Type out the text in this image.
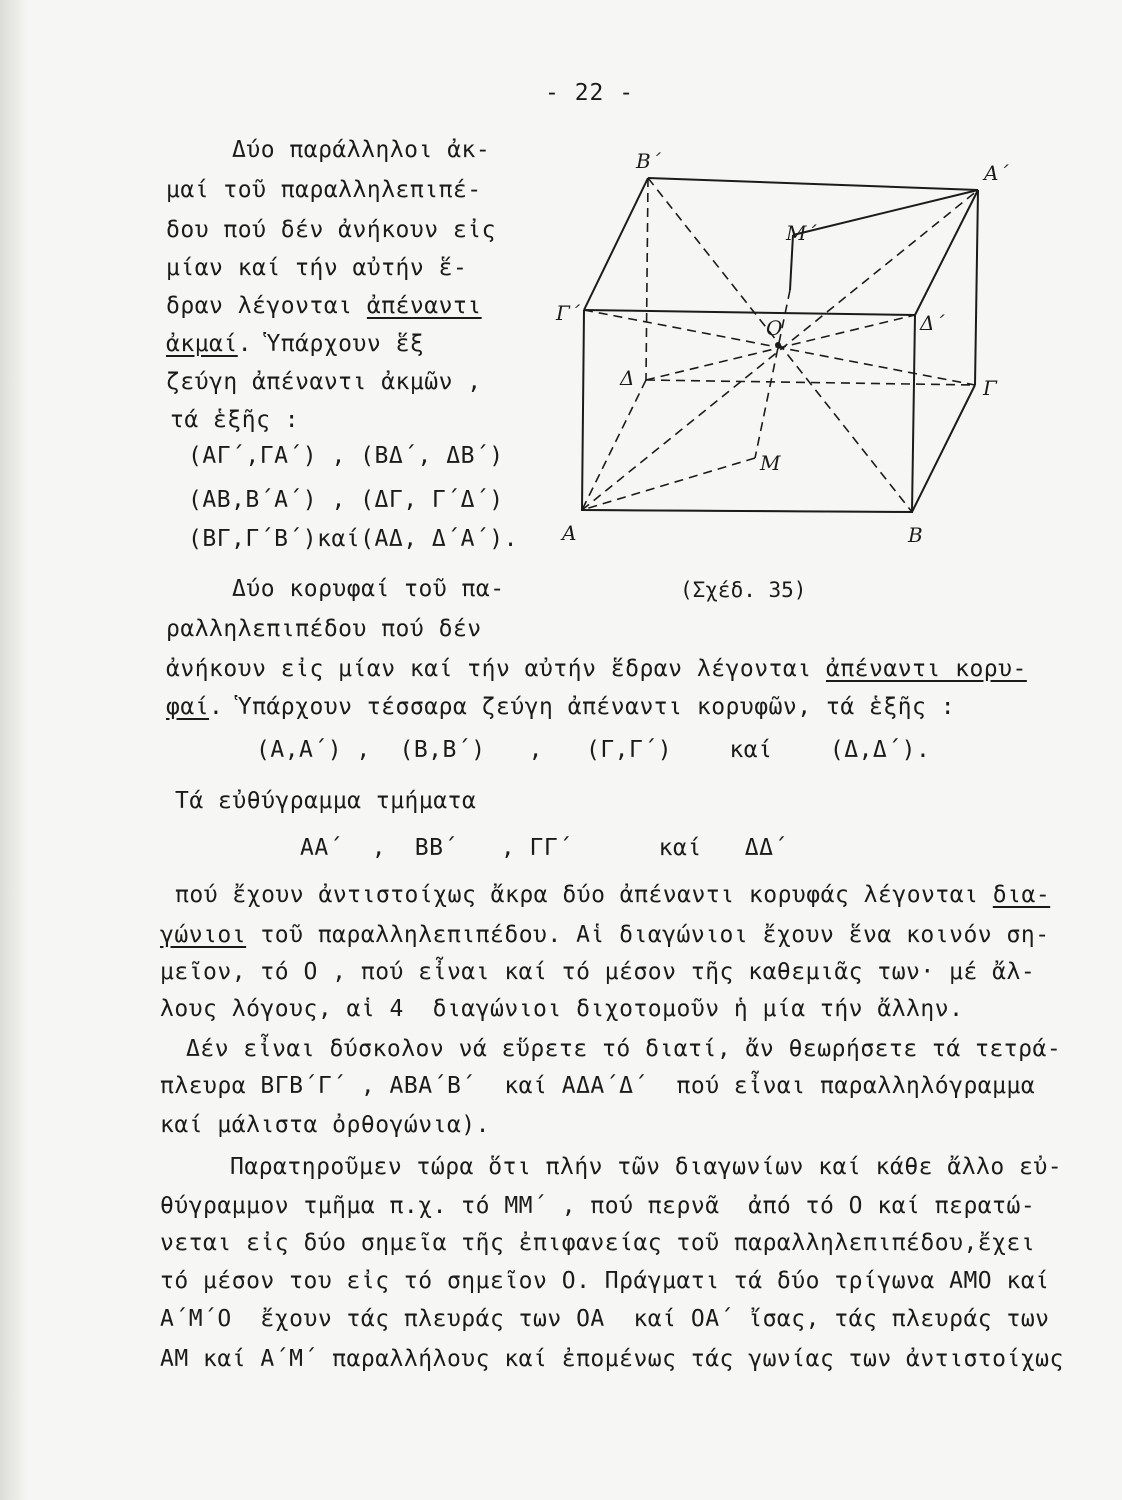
- 22 -
Δύο παράλληλοι ἀκ-
μαί τοῦ παραλληλεπιπέ-
δου πού δέν ἀνήκουν εἰς
μίαν καί τήν αὐτήν ἕ-
δραν λέγονται ἀπέναντι
ἀκμαί. Ὑπάρχουν ἕξ
ζεύγη ἀπέναντι ἀκμῶν ,
τά ἑξῆς :
(ΑΓ΄,ΓΑ΄) , (ΒΔ΄, ΔΒ΄)
(ΑΒ,Β΄Α΄) , (ΔΓ, Γ΄Δ΄)
(ΒΓ,Γ΄Β΄)καί(ΑΔ, Δ΄Α΄).
Δύο κορυφαί τοῦ πα-
ραλληλεπιπέδου πού δέν
Β΄	Α΄
Μ΄
Γ΄
Ο	Δ΄
Δ	Γ
Μ
Α	Β
(Σχέδ. 35)
ἀνήκουν εἰς μίαν καί τήν αὐτήν ἕδραν λέγονται ἀπέναντι κορυ-
φαί. Ὑπάρχουν τέσσαρα ζεύγη ἀπέναντι κορυφῶν, τά ἑξῆς :
(Α,Α΄) ,  (Β,Β΄)   ,   (Γ,Γ΄)    καί    (Δ,Δ΄).
Τά εὐθύγραμμα τμήματα
ΑΑ΄  ,  ΒΒ΄   , ΓΓ΄      καί   ΔΔ΄
πού ἔχουν ἀντιστοίχως ἄκρα δύο ἀπέναντι κορυφάς λέγονται δια-
γώνιοι τοῦ παραλληλεπιπέδου. Αἱ διαγώνιοι ἔχουν ἕνα κοινόν ση-
μεῖον, τό Ο , πού εἶναι καί τό μέσον τῆς καθεμιᾶς των· μέ ἄλ-
λους λόγους, αἱ 4  διαγώνιοι διχοτομοῦν ἡ μία τήν ἄλλην.
Δέν εἶναι δύσκολον νά εὕρετε τό διατί, ἄν θεωρήσετε τά τετρά-
πλευρα ΒΓΒ΄Γ΄ , ΑΒΑ΄Β΄  καί ΑΔΑ΄Δ΄  πού εἶναι παραλληλόγραμμα
καί μάλιστα ὀρθογώνια).
Παρατηροῦμεν τώρα ὅτι πλήν τῶν διαγωνίων καί κάθε ἄλλο εὐ-
θύγραμμον τμῆμα π.χ. τό ΜΜ΄ , πού περνᾶ  ἀπό τό Ο καί περατώ-
νεται εἰς δύο σημεῖα τῆς ἐπιφανείας τοῦ παραλληλεπιπέδου,ἔχει
τό μέσον του εἰς τό σημεῖον Ο. Πράγματι τά δύο τρίγωνα ΑΜΟ καί
Α΄Μ΄Ο  ἔχουν τάς πλευράς των ΟΑ  καί ΟΑ΄ ἴσας, τάς πλευράς των
ΑΜ καί Α΄Μ΄ παραλλήλους καί ἐπομένως τάς γωνίας των ἀντιστοίχως
